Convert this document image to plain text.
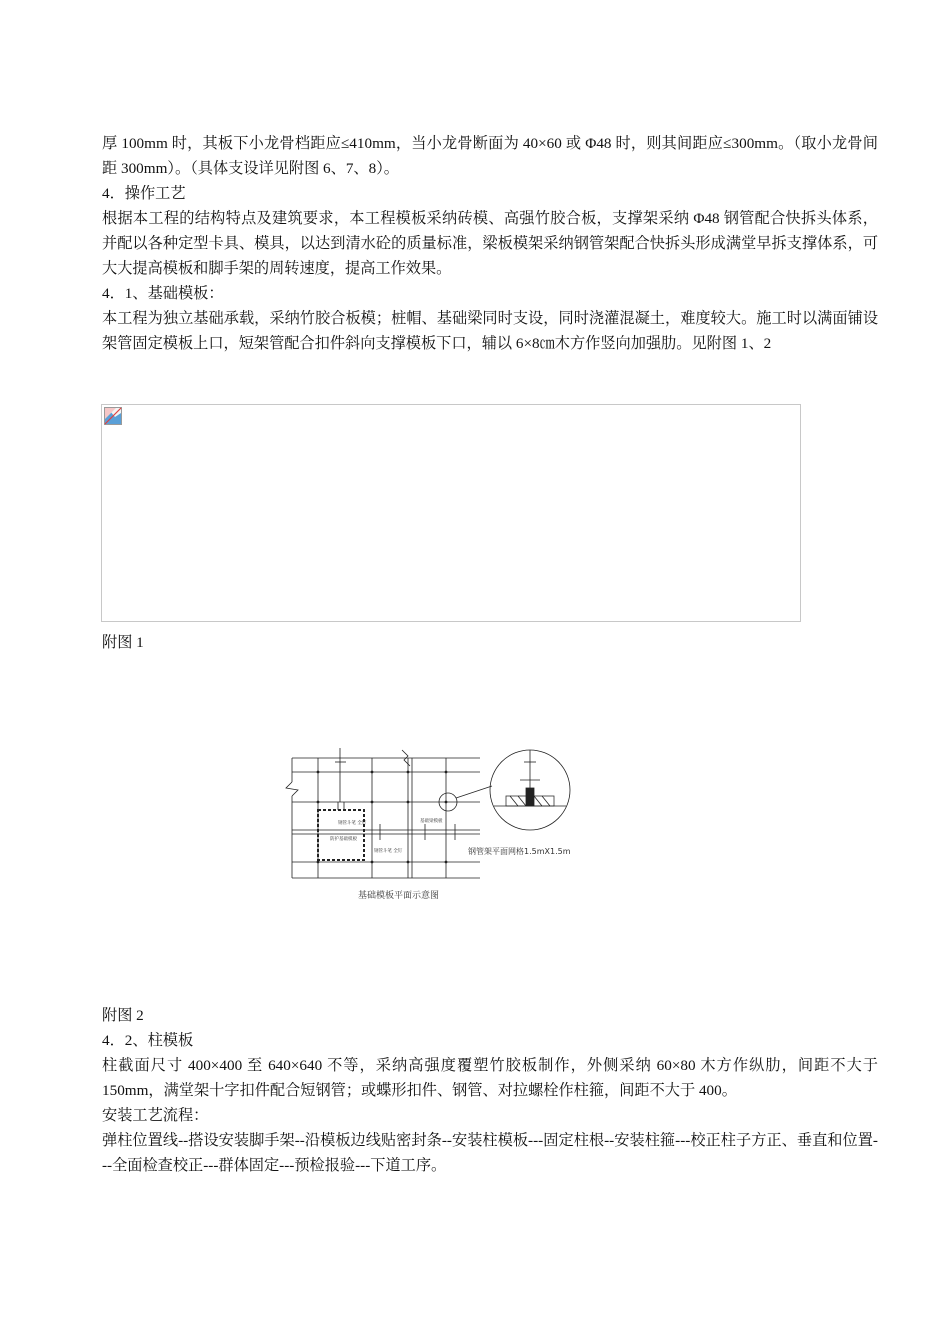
厚 100mm 时，其板下小龙骨档距应≤410mm，当小龙骨断面为 40×60 或 Φ48 时，则其间距应≤300mm。（取小龙骨间距 300mm）。（具体支设详见附图 6、7、8）。

4．操作工艺

根据本工程的结构特点及建筑要求，本工程模板采纳砖模、高强竹胶合板，支撑架采纳 Φ48 钢管配合快拆头体系，并配以各种定型卡具、模具，以达到清水砼的质量标准，梁板模架采纳钢管架配合快拆头形成满堂早拆支撑体系，可大大提高模板和脚手架的周转速度，提高工作效果。

4．1、基础模板：

本工程为独立基础承载，采纳竹胶合板模；桩帽、基础梁同时支设，同时浇灌混凝土，难度较大。施工时以满面铺设架管固定模板上口，短架管配合扣件斜向支撑模板下口，辅以 6×8㎝木方作竖向加强肋。见附图 1、2

附图 1
钢管斗笔 全钉
防护基础模板
基础梁模板
钢管斗笔 全钉	钢管架平面网格1.5mX1.5m
基础模板平面示意图
附图 2
4．2、柱模板

柱截面尺寸 400×400 至 640×640 不等，采纳高强度覆塑竹胶板制作，外侧采纳 60×80 木方作纵肋，间距不大于 150mm，满堂架十字扣件配合短钢管；或蝶形扣件、钢管、对拉螺栓作柱箍，间距不大于 400。

安装工艺流程：

弹柱位置线--搭设安装脚手架--沿模板边线贴密封条--安装柱模板---固定柱根--安装柱箍---校正柱子方正、垂直和位置---全面检查校正---群体固定---预检报验---下道工序。
